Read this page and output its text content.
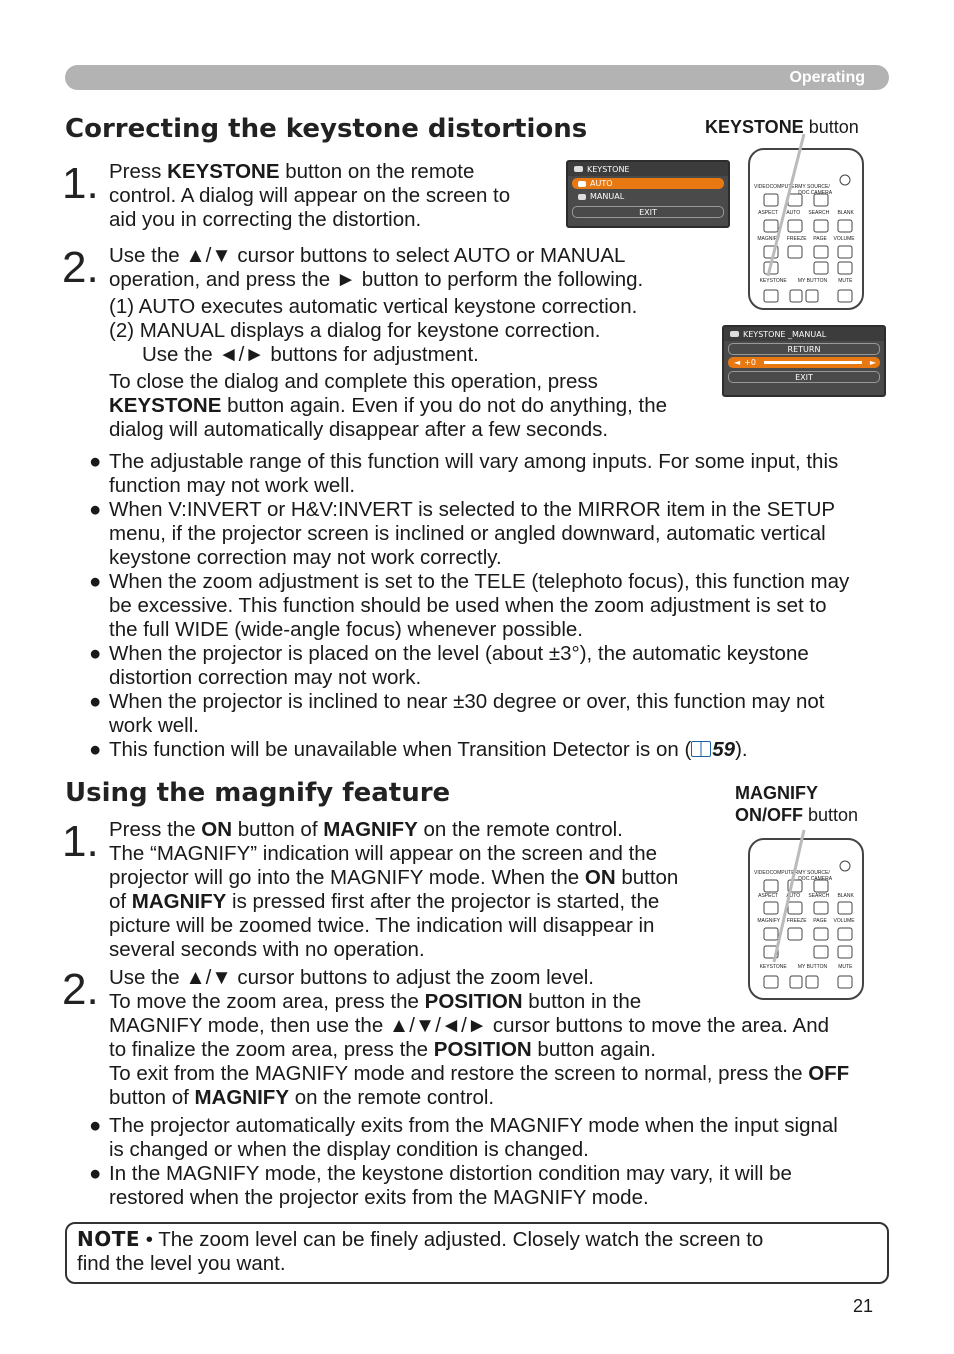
Operating
Correcting the keystone distortions	KEYSTONE button
1. Press KEYSTONE button on the remote
control. A dialog will appear on the screen to
aid you in correcting the distortion.
KEYSTONE
AUTO
MANUAL
EXIT
VIDEO COMPUTER MY SOURCE/ DOC.CAMERA
ASPECT AUTO SEARCH BLANK
MAGNIFY FREEZE PAGE VOLUME
KEYSTONE MY BUTTON MUTE
2. Use the ▲/▼ cursor buttons to select AUTO or MANUAL
operation, and press the ► button to perform the following.
(1) AUTO executes automatic vertical keystone correction.
(2) MANUAL displays a dialog for keystone correction.
Use the ◄/► buttons for adjustment.
To close the dialog and complete this operation, press
KEYSTONE button again. Even if you do not do anything, the
dialog will automatically disappear after a few seconds.
KEYSTONE _MANUAL
RETURN
◄ +0	►
EXIT
● The adjustable range of this function will vary among inputs. For some input, this
function may not work well.
● When V:INVERT or H&V:INVERT is selected to the MIRROR item in the SETUP
menu, if the projector screen is inclined or angled downward, automatic vertical
keystone correction may not work correctly.
● When the zoom adjustment is set to the TELE (telephoto focus), this function may
be excessive. This function should be used when the zoom adjustment is set to
the full WIDE (wide-angle focus) whenever possible.
● When the projector is placed on the level (about ±3°), the automatic keystone
distortion correction may not work.
● When the projector is inclined to near ±30 degree or over, this function may not
work well.
● This function will be unavailable when Transition Detector is on ( 59).
Using the magnify feature	MAGNIFY
ON/OFF button
1. Press the ON button of MAGNIFY on the remote control.
The “MAGNIFY” indication will appear on the screen and the
projector will go into the MAGNIFY mode. When the ON button
of MAGNIFY is pressed first after the projector is started, the
picture will be zoomed twice. The indication will disappear in
several seconds with no operation.
VIDEO COMPUTER MY SOURCE/ DOC.CAMERA
ASPECT AUTO SEARCH BLANK
MAGNIFY FREEZE PAGE VOLUME
KEYSTONE MY BUTTON MUTE
2. Use the ▲/▼ cursor buttons to adjust the zoom level.
To move the zoom area, press the POSITION button in the
MAGNIFY mode, then use the ▲/▼/◄/► cursor buttons to move the area. And
to finalize the zoom area, press the POSITION button again.
To exit from the MAGNIFY mode and restore the screen to normal, press the OFF
button of MAGNIFY on the remote control.
● The projector automatically exits from the MAGNIFY mode when the input signal
is changed or when the display condition is changed.
● In the MAGNIFY mode, the keystone distortion condition may vary, it will be
restored when the projector exits from the MAGNIFY mode.
NOTE • The zoom level can be finely adjusted. Closely watch the screen to
find the level you want.
21
